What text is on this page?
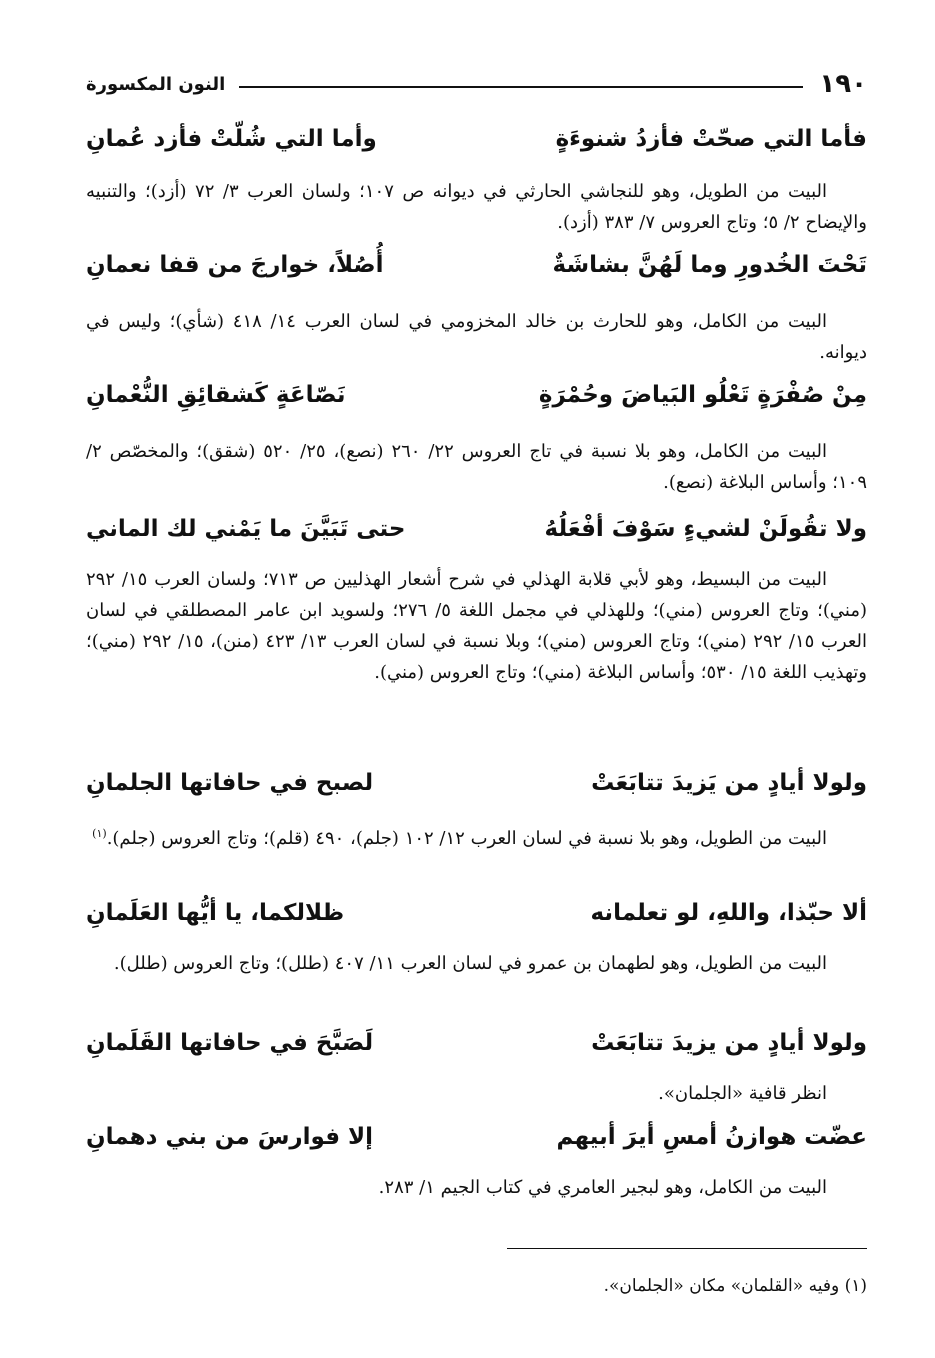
١٩٠
النون المكسورة
فأما التي صحّتْ فأزدُ شنوءَةٍ
وأما التي شُلّتْ فأزد عُمانِ
البيت من الطويل، وهو للنجاشي الحارثي في ديوانه ص ١٠٧؛ ولسان العرب ٣/ ٧٢ (أزد)؛ والتنبيه والإيضاح ٢/ ٥؛ وتاج العروس ٧/ ٣٨٣ (أزد).
تَحْتَ الخُدورِ وما لَهُنَّ بشاشَةٌ
أُصُلاً، خوارجَ من قفا نعمانِ
البيت من الكامل، وهو للحارث بن خالد المخزومي في لسان العرب ١٤/ ٤١٨ (شأي)؛ وليس في ديوانه.
مِنْ صُفْرَةٍ تَعْلُو البَياضَ وحُمْرَةٍ
نَصّاعَةٍ كَشقائِقِ النُّعْمانِ
البيت من الكامل، وهو بلا نسبة في تاج العروس ٢٢/ ٢٦٠ (نصع)، ٢٥/ ٥٢٠ (شقق)؛ والمخصّص ٢/ ١٠٩؛ وأساس البلاغة (نصع).
ولا تقُولَنْ لشيءٍ سَوْفَ أفْعَلُهُ
حتى تَبَيَّنَ ما يَمْني لك الماني
البيت من البسيط، وهو لأبي قلابة الهذلي في شرح أشعار الهذليين ص ٧١٣؛ ولسان العرب ١٥/ ٢٩٢ (مني)؛ وتاج العروس (مني)؛ وللهذلي في مجمل اللغة ٥/ ٢٧٦؛ ولسويد ابن عامر المصطلقي في لسان العرب ١٥/ ٢٩٢ (مني)؛ وتاج العروس (مني)؛ وبلا نسبة في لسان العرب ١٣/ ٤٢٣ (منن)، ١٥/ ٢٩٢ (مني)؛ وتهذيب اللغة ١٥/ ٥٣٠؛ وأساس البلاغة (مني)؛ وتاج العروس (مني).
ولولا أيادٍ من يَزيدَ تتابَعَتْ
لصبح في حافاتها الجلمانِ
البيت من الطويل، وهو بلا نسبة في لسان العرب ١٢/ ١٠٢ (جلم)، ٤٩٠ (قلم)؛ وتاج العروس (جلم).$^{(١)}$
ألا حبّذا، واللهِ، لو تعلمانه
ظلالكما، يا أيُّها العَلَمانِ
البيت من الطويل، وهو لطهمان بن عمرو في لسان العرب ١١/ ٤٠٧ (طلل)؛ وتاج العروس (طلل).
ولولا أيادٍ من يزيدَ تتابَعَتْ
لَصَبَّحَ في حافاتها القَلَمانِ
انظر قافية «الجلمان».
عضّت هوازنُ أمسِ أيرَ أبيهم
إلا فوارسَ من بني دهمانِ
البيت من الكامل، وهو لبجير العامري في كتاب الجيم ١/ ٢٨٣.
(١) وفيه «القلمان» مكان «الجلمان».
